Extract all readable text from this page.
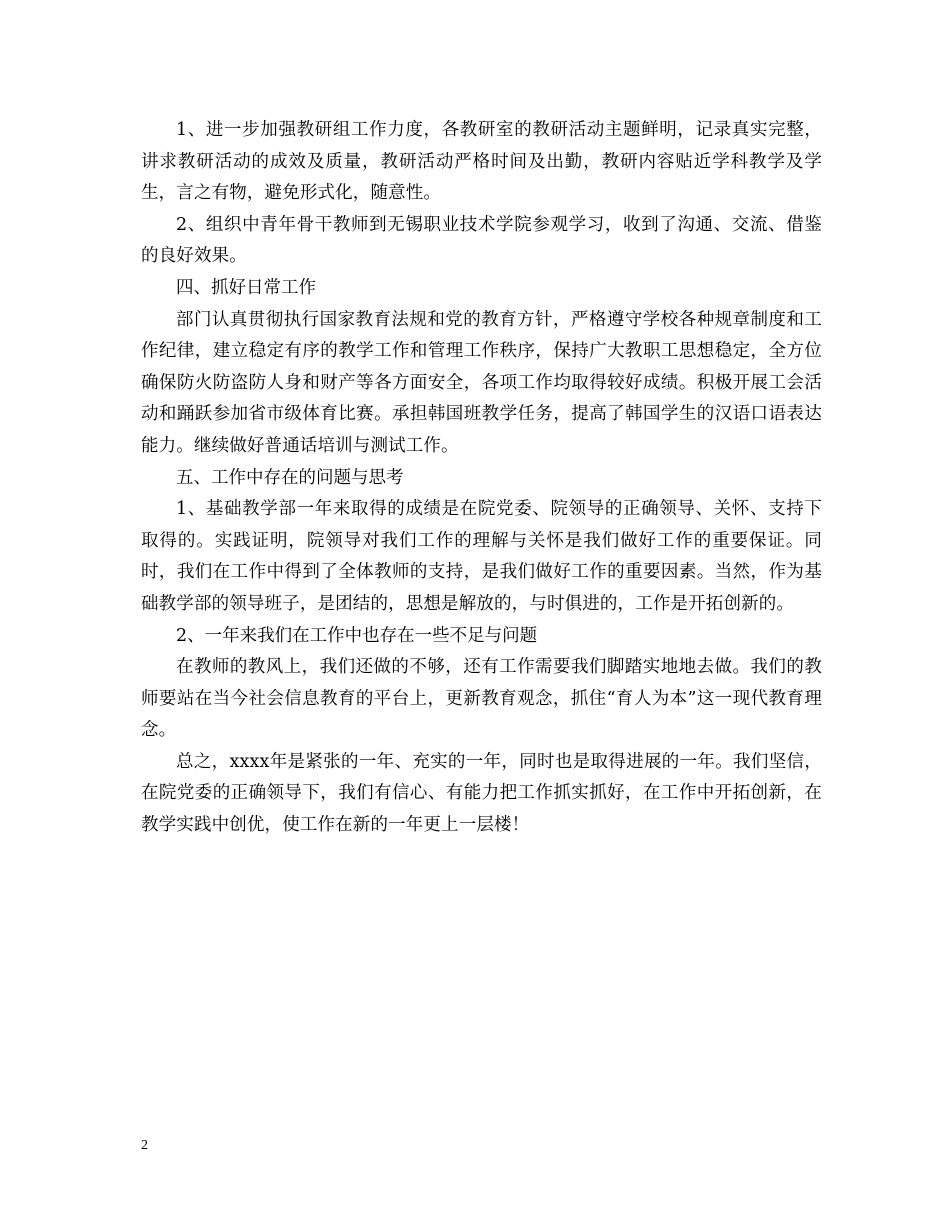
1、进一步加强教研组工作力度，各教研室的教研活动主题鲜明，记录真实完整，讲求教研活动的成效及质量，教研活动严格时间及出勤，教研内容贴近学科教学及学生，言之有物，避免形式化，随意性。

2、组织中青年骨干教师到无锡职业技术学院参观学习，收到了沟通、交流、借鉴的良好效果。

四、抓好日常工作

部门认真贯彻执行国家教育法规和党的教育方针，严格遵守学校各种规章制度和工作纪律，建立稳定有序的教学工作和管理工作秩序，保持广大教职工思想稳定，全方位确保防火防盗防人身和财产等各方面安全，各项工作均取得较好成绩。积极开展工会活动和踊跃参加省市级体育比赛。承担韩国班教学任务，提高了韩国学生的汉语口语表达能力。继续做好普通话培训与测试工作。

五、工作中存在的问题与思考

1、基础教学部一年来取得的成绩是在院党委、院领导的正确领导、关怀、支持下取得的。实践证明，院领导对我们工作的理解与关怀是我们做好工作的重要保证。同时，我们在工作中得到了全体教师的支持，是我们做好工作的重要因素。当然，作为基础教学部的领导班子，是团结的，思想是解放的，与时俱进的，工作是开拓创新的。

2、一年来我们在工作中也存在一些不足与问题

在教师的教风上，我们还做的不够，还有工作需要我们脚踏实地地去做。我们的教师要站在当今社会信息教育的平台上，更新教育观念，抓住“育人为本”这一现代教育理念。

总之，xxxx年是紧张的一年、充实的一年，同时也是取得进展的一年。我们坚信，在院党委的正确领导下，我们有信心、有能力把工作抓实抓好，在工作中开拓创新，在教学实践中创优，使工作在新的一年更上一层楼！

2
